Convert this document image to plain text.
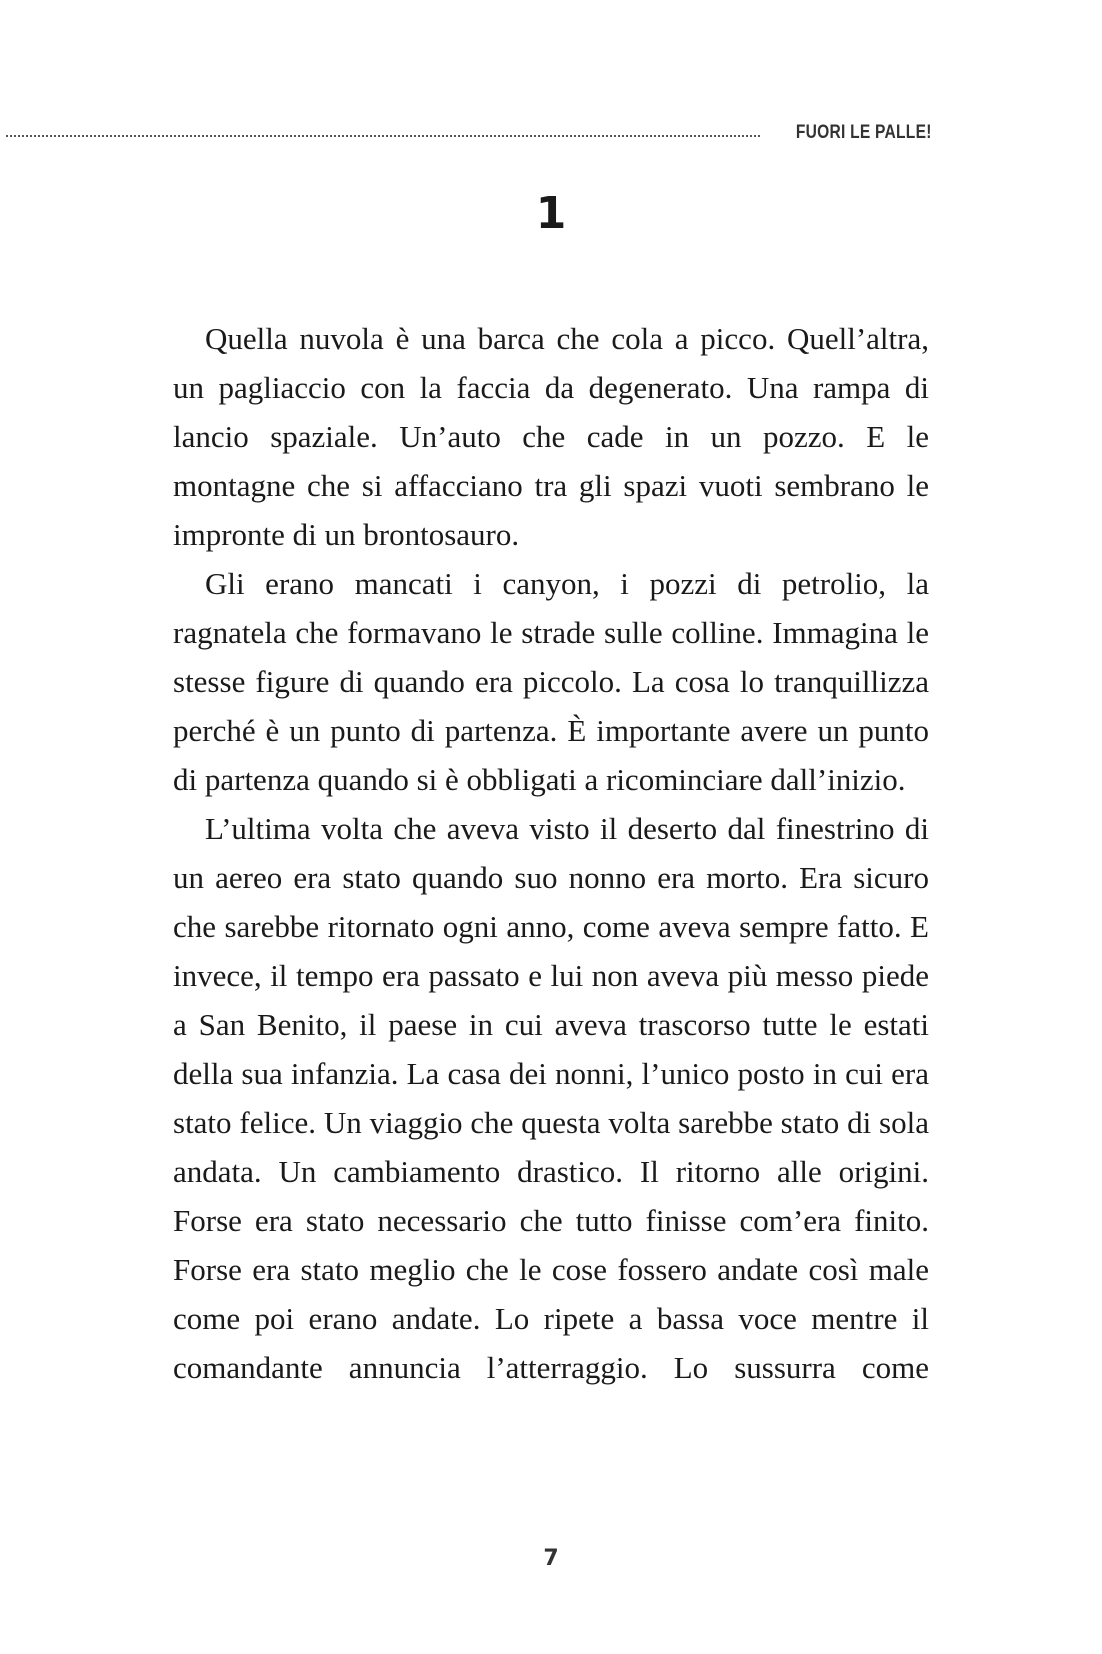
FUORI LE PALLE!
1

Quella nuvola è una barca che cola a picco. Quell’altra, un pagliaccio con la faccia da degenerato. Una rampa di lancio spaziale. Un’auto che cade in un pozzo. E le montagne che si affacciano tra gli spazi vuoti sembrano le impronte di un brontosauro.

Gli erano mancati i canyon, i pozzi di petrolio, la ragnatela che formavano le strade sulle colline. Immagina le stesse figure di quando era piccolo. La cosa lo tranquillizza perché è un punto di partenza. È importante avere un punto di partenza quando si è obbligati a ricominciare dall’inizio.

L’ultima volta che aveva visto il deserto dal finestrino di un aereo era stato quando suo nonno era morto. Era sicuro che sarebbe ritornato ogni anno, come aveva sempre fatto. E invece, il tempo era passato e lui non aveva più messo piede a San Benito, il paese in cui aveva trascorso tutte le estati della sua infanzia. La casa dei nonni, l’unico posto in cui era stato felice. Un viaggio che questa volta sarebbe stato di sola andata. Un cambiamento drastico. Il ritorno alle origini. Forse era stato necessario che tutto finisse com’era finito. Forse era stato meglio che le cose fossero andate così male come poi erano andate. Lo ripete a bassa voce mentre il comandante annuncia l’atterraggio. Lo sussurra come

7
